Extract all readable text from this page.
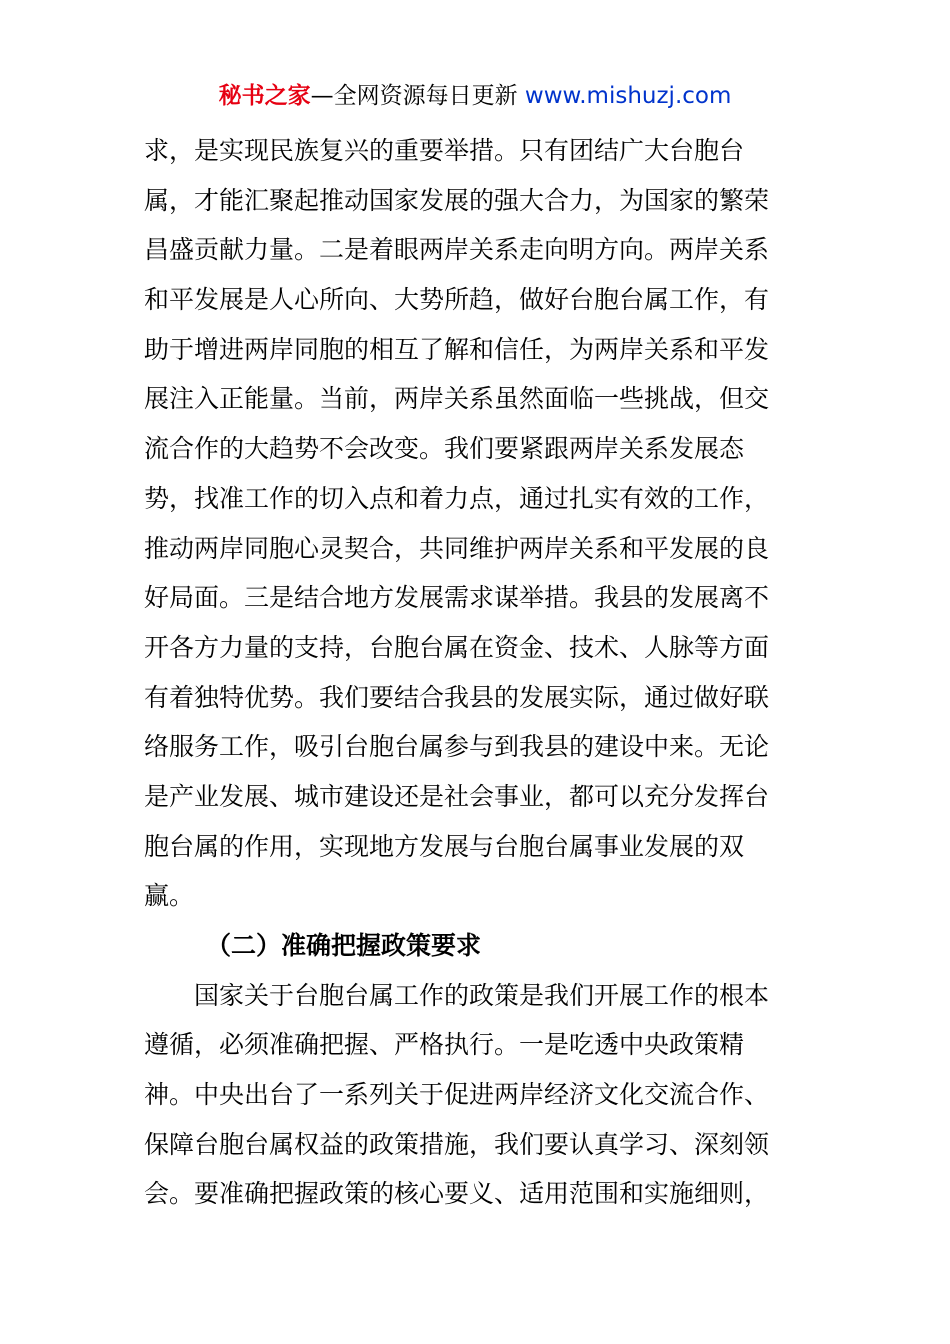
秘书之家—全网资源每日更新 www.mishuzj.com
求，是实现民族复兴的重要举措。只有团结广大台胞台
属，才能汇聚起推动国家发展的强大合力，为国家的繁荣
昌盛贡献力量。二是着眼两岸关系走向明方向。两岸关系
和平发展是人心所向、大势所趋，做好台胞台属工作，有
助于增进两岸同胞的相互了解和信任，为两岸关系和平发
展注入正能量。当前，两岸关系虽然面临一些挑战，但交
流合作的大趋势不会改变。我们要紧跟两岸关系发展态
势，找准工作的切入点和着力点，通过扎实有效的工作，
推动两岸同胞心灵契合，共同维护两岸关系和平发展的良
好局面。三是结合地方发展需求谋举措。我县的发展离不
开各方力量的支持，台胞台属在资金、技术、人脉等方面
有着独特优势。我们要结合我县的发展实际，通过做好联
络服务工作，吸引台胞台属参与到我县的建设中来。无论
是产业发展、城市建设还是社会事业，都可以充分发挥台
胞台属的作用，实现地方发展与台胞台属事业发展的双
赢。
（二）准确把握政策要求
国家关于台胞台属工作的政策是我们开展工作的根本
遵循，必须准确把握、严格执行。一是吃透中央政策精
神。中央出台了一系列关于促进两岸经济文化交流合作、
保障台胞台属权益的政策措施，我们要认真学习、深刻领
会。要准确把握政策的核心要义、适用范围和实施细则，
